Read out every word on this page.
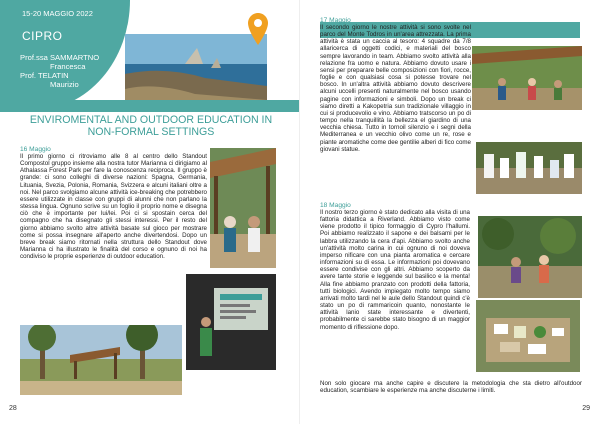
15-20 MAGGIO 2022
CIPRO
Prof.ssa SAMMARTNO
Francesca
Prof. TELATIN
Maurizio
ENVIROMENTAL AND OUTDOOR EDUCATION IN NON-FORMAL SETTINGS
16 Maggio
Il primo giorno ci ritroviamo alle 8 al centro dello Standout Compostol gruppo insieme alla nostra tutor Marianna ci dirigiamo al Athalassa Forest Park per fare la conoscenza reciproca. Il gruppo è grande: ci sono colleghi di diverse nazioni: Spagna, Germania, Lituania, Svezia, Polonia, Romania, Svizzera e alcuni italiani oltre a noi. Nel parco svolgiamo alcune attività ice-breaking che potrebbero essere utilizzate in classe con gruppi di alunni che non parlano la stessa lingua. Ognuno scrive su un foglio il proprio nome e disegna ciò che è importante per lui/lei. Poi ci si spostain cerca del compagno che ha disegnato gli stessi interessi. Per il resto del giorno abbiamo svolto altre attività basate sul gioco per mostrare come si possa insegnare all'aperto anche divertendosi. Dopo un breve break siamo ritornati nella struttura dello Standout dove Marianna ci ha illustrato le finalità del corso e ognuno di noi ha condiviso le proprie esperienze di outdoor education.
28	29
17 Maggio
Il secondo giorno le nostre attività si sono svolte nel parco del Monte Todros in un'area attrezzata. La prima attività è stata un caccia al tesoro: 4 squadre da 7/8 allaricerca di oggetti codici, e materiali del bosco sempre lavorando in team. Abbiamo svolto attività alla relazione fra uomo e natura. Abbiamo dovuto usare i sensi per preparare belle composizioni con fiori, rocce, foglie e con qualsiasi cosa si potesse trovare nel bosco. In un'altra attività abbiamo dovuto descrivere alcuni uccelli presenti naturalmente nel bosco usando pagine con informazioni e simboli. Dopo un break ci siamo diretti a Kakopetria sun tradizionale villaggio in cui si producevolio e vino. Abbiamo tratscorso un po di tempo nella tranquillità la bellezza el giardino di una vecchia chiesa. Tutto in tornoil silenzio e i segni della Mediterranea e un vecchio olivo come un re, rose e piante aromatiche come dee gentilie alberi di fico come giovani statue.
18 Maggio
Il nostro terzo giorno è stato dedicato alla visita di una fattoria didattica a Riverland. Abbiamo visto come viene prodotto il tipico formaggio di Cypro l'hallumi. Poi abbiamo realizzato il sapone e dei balsami per le labbra utilizzando la cera d'api. Abbiamo svolto anche un'attività molto carina in cui ognuno di noi doveva imperso nificare con una pianta aromatica e cercare informazioni su di essa. Le informazioni poi dovevano essere condivise con gli altri. Abbiamo scoperto da avere tante storie e leggende sul basilico e la menta! Alla fine abbiamo pranzato con prodotti della fattoria, tutti biologici. Avendo impiegato molto tempo siamo arrivati molto tardi nel le aule dello Standout quindi c'è stato un po di rammaricoin quanto, nonostante le attività lanio state interessante e divertenti, probabilmente ci sarebbe stato bisogno di un maggior momento di riflessione dopo.
Non solo giocare ma anche capire e discutere la metodologia che sta dietro all'outdoor education, scambiare le esperienze ma anche discuterne i limiti.
